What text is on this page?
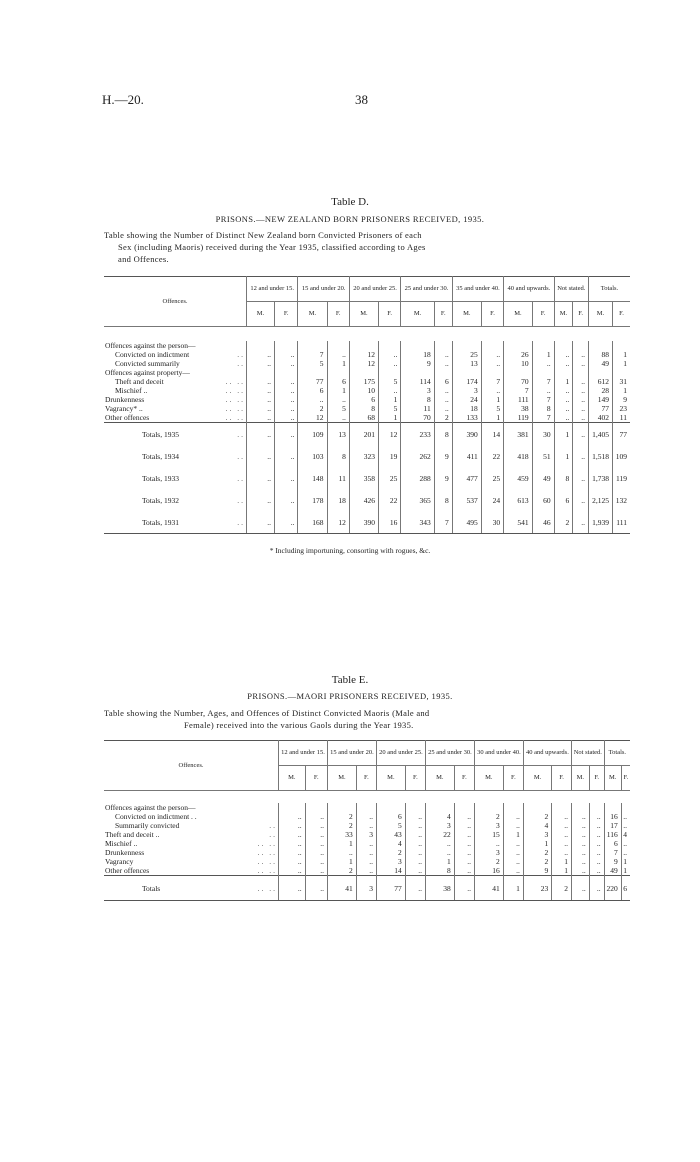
H.—20.	38
Table D.
PRISONS.—NEW ZEALAND BORN PRISONERS RECEIVED, 1935.
Table showing the Number of Distinct New Zealand born Convicted Prisoners of each
Sex (including Maoris) received during the Year 1935, classified according to Ages
and Offences.
Offences.	12 and under 15.		15 and under 20.		20 and under 25.		25 and under 30.		35 and under 40.		40 and upwards.		Not stated.		Totals.	
	M.	F.	M.	F.	M.	F.	M.	F.	M.	F.	M.	F.	M.	F.	M.	F.

Offences against the person—																
Convicted on indictment ..	..	..	7	..	12	..	18	..	25	..	26	1	..	..	88	1
Convicted summarily ..	..	..	5	1	12	..	9	..	13	..	10	..	..	..	49	1
Offences against property—																
Theft and deceit .. ..	..	..	77	6	175	5	114	6	174	7	70	7	1	..	612	31
Mischief .. .. ..	..	..	6	1	10	..	3	..	3	..	7	..	..	..	28	1
Drunkenness .. ..	..	..	..	..	6	1	8	..	24	1	111	7	..	..	149	9
Vagrancy* .. .. ..	..	..	2	5	8	5	11	..	18	5	38	8	..	..	77	23
Other offences .. ..	..	..	12	..	68	1	70	2	133	1	119	7	..	..	402	11
Totals, 1935 ..	..	..	109	13	201	12	233	8	390	14	381	30	1	..	1,405	77
Totals, 1934 ..	..	..	103	8	323	19	262	9	411	22	418	51	1	..	1,518	109
Totals, 1933 ..	..	..	148	11	358	25	288	9	477	25	459	49	8	..	1,738	119
Totals, 1932 ..	..	..	178	18	426	22	365	8	537	24	613	60	6	..	2,125	132
Totals, 1931 ..	..	..	168	12	390	16	343	7	495	30	541	46	2	..	1,939	111
* Including importuning, consorting with rogues, &c.
Table E.
PRISONS.—MAORI PRISONERS RECEIVED, 1935.
Table showing the Number, Ages, and Offences of Distinct Convicted Maoris (Male and
Female) received into the various Gaols during the Year 1935.
Offences.	12 and under 15.		15 and under 20.		20 and under 25.		25 and under 30.		30 and under 40.		40 and upwards.		Not stated.		Totals.	
	M.	F.	M.	F.	M.	F.	M.	F.	M.	F.	M.	F.	M.	F.	M.	F.

Offences against the person—																
Convicted on indictment . .	..	..	2	..	6	..	4	..	2	..	2	..	..	..	16	..
Summarily convicted ..	..	..	2	..	5	..	3	..	3	..	4	..	..	..	17	..
Theft and deceit .. ..	..	..	33	3	43	..	22	..	15	1	3	..	..	..	116	4
Mischief .. .. ..	..	..	1	..	4	..	..	..	..	..	1	..	..	..	6	..
Drunkenness .. ..	..	..	..	..	2	..	..	..	3	..	2	..	..	..	7	..
Vagrancy .. ..	..	..	1	..	3	..	1	..	2	..	2	1	..	..	9	1
Other offences .. ..	..	..	2	..	14	..	8	..	16	..	9	1	..	..	49	1
Totals .. ..	..	..	41	3	77	..	38	..	41	1	23	2	..	..	220	6
